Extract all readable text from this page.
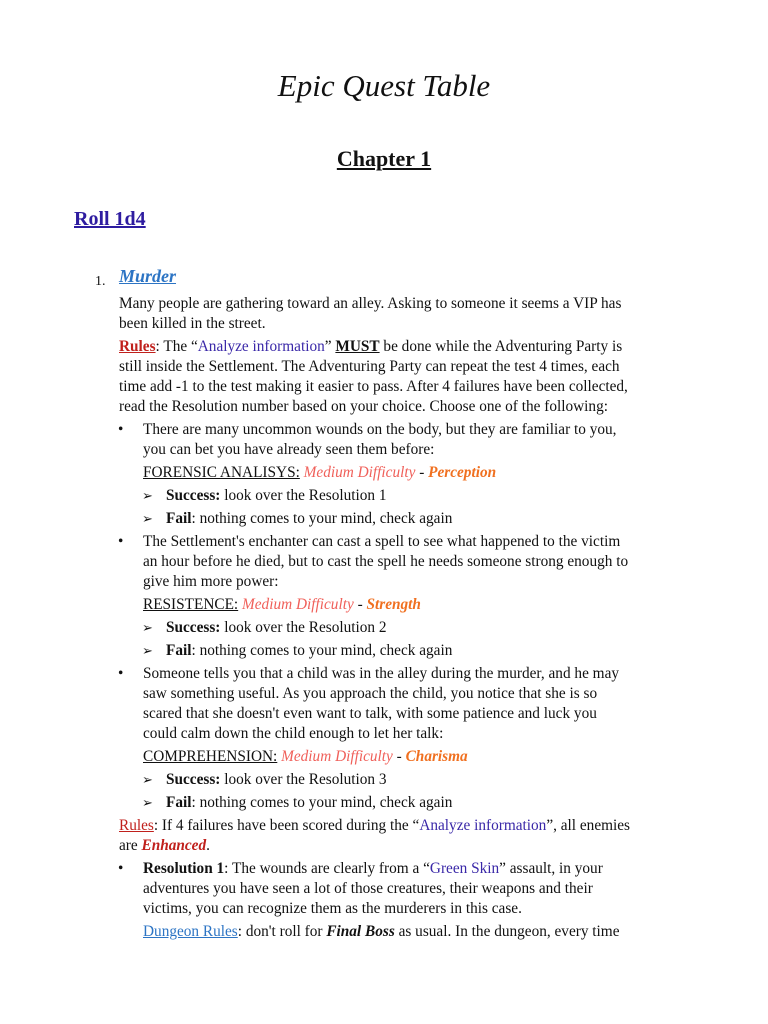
Epic Quest Table
Chapter 1
Roll 1d4
1. Murder
Many people are gathering toward an alley. Asking to someone it seems a VIP has
been killed in the street.
Rules: The “Analyze information” MUST be done while the Adventuring Party is
still inside the Settlement. The Adventuring Party can repeat the test 4 times, each
time add -1 to the test making it easier to pass. After 4 failures have been collected,
read the Resolution number based on your choice. Choose one of the following:
• There are many uncommon wounds on the body, but they are familiar to you,
you can bet you have already seen them before:
FORENSIC ANALISYS: Medium Difficulty - Perception
➢ Success: look over the Resolution 1
➢ Fail: nothing comes to your mind, check again
• The Settlement's enchanter can cast a spell to see what happened to the victim
an hour before he died, but to cast the spell he needs someone strong enough to
give him more power:
RESISTENCE: Medium Difficulty - Strength
➢ Success: look over the Resolution 2
➢ Fail: nothing comes to your mind, check again
• Someone tells you that a child was in the alley during the murder, and he may
saw something useful. As you approach the child, you notice that she is so
scared that she doesn't even want to talk, with some patience and luck you
could calm down the child enough to let her talk:
COMPREHENSION: Medium Difficulty - Charisma
➢ Success: look over the Resolution 3
➢ Fail: nothing comes to your mind, check again
Rules: If 4 failures have been scored during the “Analyze information”, all enemies
are Enhanced.
• Resolution 1: The wounds are clearly from a “Green Skin” assault, in your
adventures you have seen a lot of those creatures, their weapons and their
victims, you can recognize them as the murderers in this case.
Dungeon Rules: don't roll for Final Boss as usual. In the dungeon, every time
